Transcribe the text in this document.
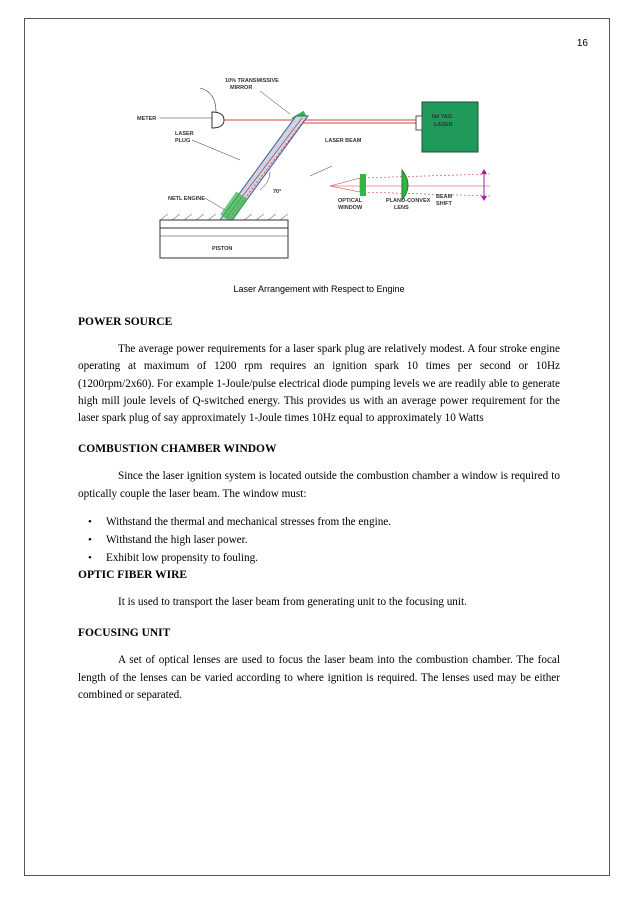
16
Nd YAG
LASER
LASER BEAM
10% TRANSMISSIVE
MIRROR
METER
LASER
PLUG
NETL ENGINE
70°
PISTON
OPTICAL
WINDOW
PLANO-CONVEX
LENS
BEAM
SHIFT
Laser Arrangement with Respect to Engine
POWER SOURCE

The average power requirements for a laser spark plug are relatively modest. A four stroke engine operating at maximum of 1200 rpm requires an ignition spark 10 times per second or 10Hz (1200rpm/2x60). For example 1-Joule/pulse electrical diode pumping levels we are readily able to generate high mill joule levels of Q-switched energy. This provides us with an average power requirement for the laser spark plug of say approximately 1-Joule times 10Hz equal to approximately 10 Watts

COMBUSTION CHAMBER WINDOW

Since the laser ignition system is located outside the combustion chamber a window is required to optically couple the laser beam. The window must:

• Withstand the thermal and mechanical stresses from the engine.
• Withstand the high laser power.
• Exhibit low propensity to fouling.
OPTIC FIBER WIRE

It is used to transport the laser beam from generating unit to the focusing unit.

FOCUSING UNIT

A set of optical lenses are used to focus the laser beam into the combustion chamber. The focal length of the lenses can be varied according to where ignition is required. The lenses used may be either combined or separated.
